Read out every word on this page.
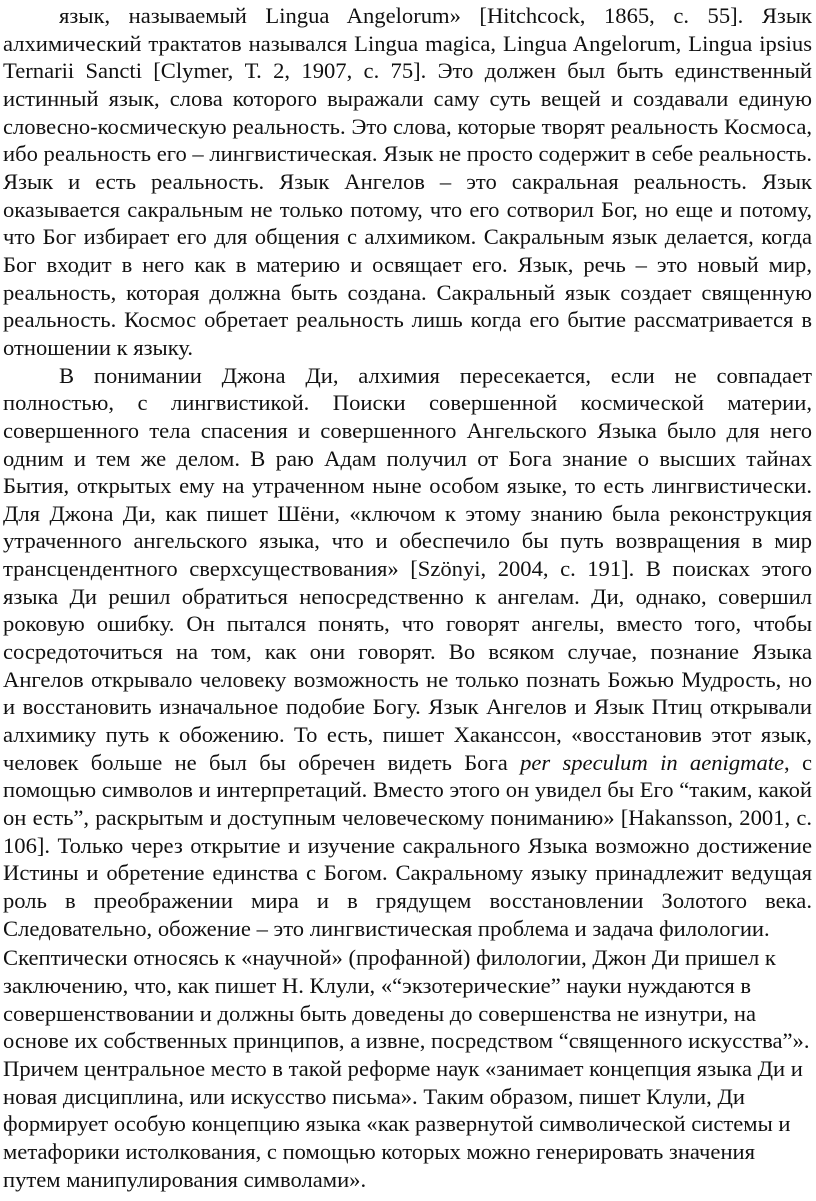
язык, называемый Lingua Angelorum» [Hitchcock, 1865, с. 55]. Язык алхимический трактатов назывался Lingua magica, Lingua Angelorum, Lingua ipsius Ternarii Sancti [Clymer, Т. 2, 1907, с. 75]. Это должен был быть единственный истинный язык, слова которого выражали саму суть вещей и создавали единую словесно-космическую реальность. Это слова, которые творят реальность Космоса, ибо реальность его – лингвистическая. Язык не просто содержит в себе реальность. Язык и есть реальность. Язык Ангелов – это сакральная реальность. Язык оказывается сакральным не только потому, что его сотворил Бог, но еще и потому, что Бог избирает его для общения с алхимиком. Сакральным язык делается, когда Бог входит в него как в материю и освящает его. Язык, речь – это новый мир, реальность, которая должна быть создана. Сакральный язык создает священную реальность. Космос обретает реальность лишь когда его бытие рассматривается в отношении к языку.

В понимании Джона Ди, алхимия пересекается, если не совпадает полностью, с лингвистикой. Поиски совершенной космической материи, совершенного тела спасения и совершенного Ангельского Языка было для него одним и тем же делом. В раю Адам получил от Бога знание о высших тайнах Бытия, открытых ему на утраченном ныне особом языке, то есть лингвистически. Для Джона Ди, как пишет Шёни, «ключом к этому знанию была реконструкция утраченного ангельского языка, что и обеспечило бы путь возвращения в мир трансцендентного сверхсуществования» [Szönyi, 2004, с. 191]. В поисках этого языка Ди решил обратиться непосредственно к ангелам. Ди, однако, совершил роковую ошибку. Он пытался понять, что говорят ангелы, вместо того, чтобы сосредоточиться на том, как они говорят. Во всяком случае, познание Языка Ангелов открывало человеку возможность не только познать Божью Мудрость, но и восстановить изначальное подобие Богу. Язык Ангелов и Язык Птиц открывали алхимику путь к обожению. То есть, пишет Хаканссон, «восстановив этот язык, человек больше не был бы обречен видеть Бога per speculum in aenigmate, с помощью символов и интерпретаций. Вместо этого он увидел бы Его “таким, какой он есть”, раскрытым и доступным человеческому пониманию» [Hakansson, 2001, с. 106]. Только через открытие и изучение сакрального Языка возможно достижение Истины и обретение единства с Богом. Сакральному языку принадлежит ведущая роль в преображении мира и в грядущем восстановлении Золотого века. Следовательно, обожение – это лингвистическая проблема и задача филологии.

Скептически относясь к «научной» (профанной) филологии, Джон Ди пришел к заключению, что, как пишет Н. Клули, «“экзотерические” науки нуждаются в совершенствовании и должны быть доведены до совершенства не изнутри, на основе их собственных принципов, а извне, посредством “священного искусства”». Причем центральное место в такой реформе наук «занимает концепция языка Ди и новая дисциплина, или искусство письма». Таким образом, пишет Клули, Ди формирует особую концепцию языка «как развернутой символической системы и метафорики истолкования, с помощью которых можно генерировать значения путем манипулирования символами».
